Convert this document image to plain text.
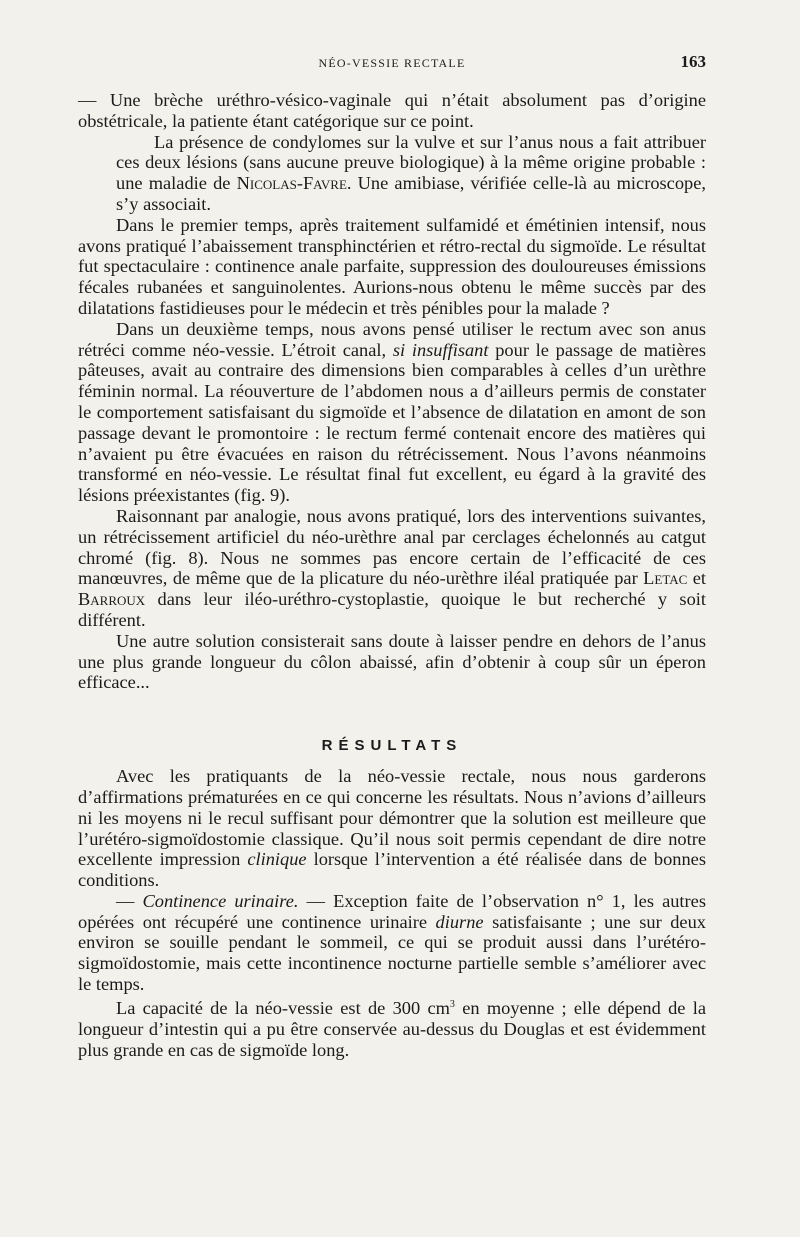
NÉO-VESSIE RECTALE	163

— Une brèche uréthro-vésico-vaginale qui n’était absolument pas d’origine obstétricale, la patiente étant catégorique sur ce point.

La présence de condylomes sur la vulve et sur l’anus nous a fait attribuer ces deux lésions (sans aucune preuve biologique) à la même origine probable : une maladie de Nicolas-Favre. Une amibiase, vérifiée celle-là au microscope, s’y associait.

Dans le premier temps, après traitement sulfamidé et émétinien intensif, nous avons pratiqué l’abaissement transphinctérien et rétro-rectal du sigmoïde. Le résultat fut spectaculaire : continence anale parfaite, suppression des douloureuses émissions fécales rubanées et sanguinolentes. Aurions-nous obtenu le même succès par des dilatations fastidieuses pour le médecin et très pénibles pour la malade ?

Dans un deuxième temps, nous avons pensé utiliser le rectum avec son anus rétréci comme néo-vessie. L’étroit canal, si insuffisant pour le passage de matières pâteuses, avait au contraire des dimensions bien comparables à celles d’un urèthre féminin normal. La réouverture de l’abdomen nous a d’ailleurs permis de constater le comportement satisfaisant du sigmoïde et l’absence de dilatation en amont de son passage devant le promontoire : le rectum fermé contenait encore des matières qui n’avaient pu être évacuées en raison du rétrécissement. Nous l’avons néanmoins transformé en néo-vessie. Le résultat final fut excellent, eu égard à la gravité des lésions préexistantes (fig. 9).

Raisonnant par analogie, nous avons pratiqué, lors des interventions suivantes, un rétrécissement artificiel du néo-urèthre anal par cerclages échelonnés au catgut chromé (fig. 8). Nous ne sommes pas encore certain de l’efficacité de ces manœuvres, de même que de la plicature du néo-urèthre iléal pratiquée par Letac et Barroux dans leur iléo-uréthro-cystoplastie, quoique le but recherché y soit différent.

Une autre solution consisterait sans doute à laisser pendre en dehors de l’anus une plus grande longueur du côlon abaissé, afin d’obtenir à coup sûr un éperon efficace...

RÉSULTATS

Avec les pratiquants de la néo-vessie rectale, nous nous garderons d’affirmations prématurées en ce qui concerne les résultats. Nous n’avions d’ailleurs ni les moyens ni le recul suffisant pour démontrer que la solution est meilleure que l’urétéro-sigmoïdostomie classique. Qu’il nous soit permis cependant de dire notre excellente impression clinique lorsque l’intervention a été réalisée dans de bonnes conditions.

— Continence urinaire. — Exception faite de l’observation n° 1, les autres opérées ont récupéré une continence urinaire diurne satisfaisante ; une sur deux environ se souille pendant le sommeil, ce qui se produit aussi dans l’urétéro-sigmoïdostomie, mais cette incontinence nocturne partielle semble s’améliorer avec le temps.

La capacité de la néo-vessie est de 300 $cm^3$ en moyenne ; elle dépend de la longueur d’intestin qui a pu être conservée au-dessus du Douglas et est évidemment plus grande en cas de sigmoïde long.
